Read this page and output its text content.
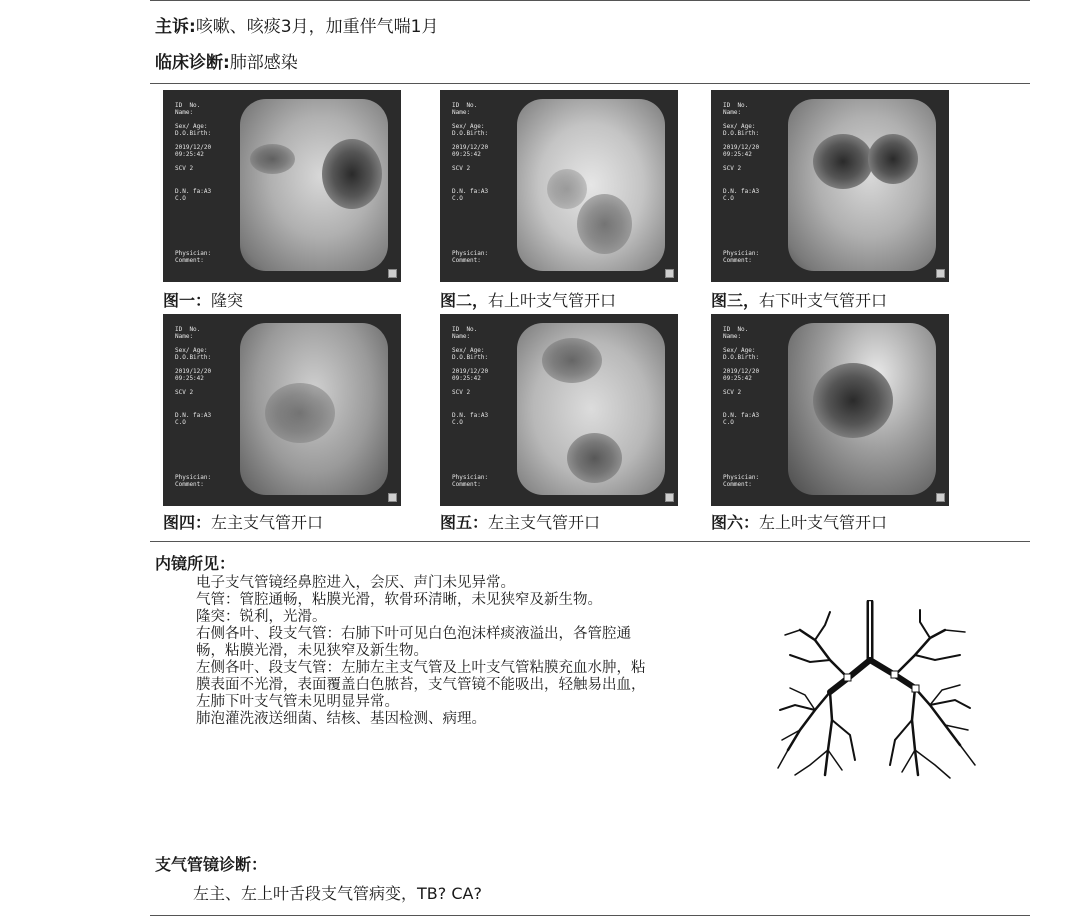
主诉:咳嗽、咳痰3月，加重伴气喘1月
临床诊断:肺部感染
ID  No.
Name:

Sex/ Age:
D.O.Birth:

2019/12/20
09:25:42

SCV 2
D.N. fa:A3
C.O
Physician:
Comment:
ID  No.
Name:

Sex/ Age:
D.O.Birth:

2019/12/20
09:25:42

SCV 2
D.N. fa:A3
C.O
Physician:
Comment:
ID  No.
Name:

Sex/ Age:
D.O.Birth:

2019/12/20
09:25:42

SCV 2
D.N. fa:A3
C.O
Physician:
Comment:
图一：隆突	图二，右上叶支气管开口	图三，右下叶支气管开口
ID  No.
Name:

Sex/ Age:
D.O.Birth:

2019/12/20
09:25:42

SCV 2
D.N. fa:A3
C.O
Physician:
Comment:
ID  No.
Name:

Sex/ Age:
D.O.Birth:

2019/12/20
09:25:42

SCV 2
D.N. fa:A3
C.O
Physician:
Comment:
ID  No.
Name:

Sex/ Age:
D.O.Birth:

2019/12/20
09:25:42

SCV 2
D.N. fa:A3
C.O
Physician:
Comment:
图四：左主支气管开口	图五：左主支气管开口	图六：左上叶支气管开口
内镜所见：
电子支气管镜经鼻腔进入，会厌、声门未见异常。
气管：管腔通畅，粘膜光滑，软骨环清晰，未见狭窄及新生物。
隆突：锐利，光滑。
右侧各叶、段支气管：右肺下叶可见白色泡沫样痰液溢出，各管腔通
畅，粘膜光滑，未见狭窄及新生物。
左侧各叶、段支气管：左肺左主支气管及上叶支气管粘膜充血水肿，粘
膜表面不光滑，表面覆盖白色脓苔，支气管镜不能吸出，轻触易出血，
左肺下叶支气管未见明显异常。
肺泡灌洗液送细菌、结核、基因检测、病理。
支气管镜诊断：
左主、左上叶舌段支气管病变，TB? CA?
